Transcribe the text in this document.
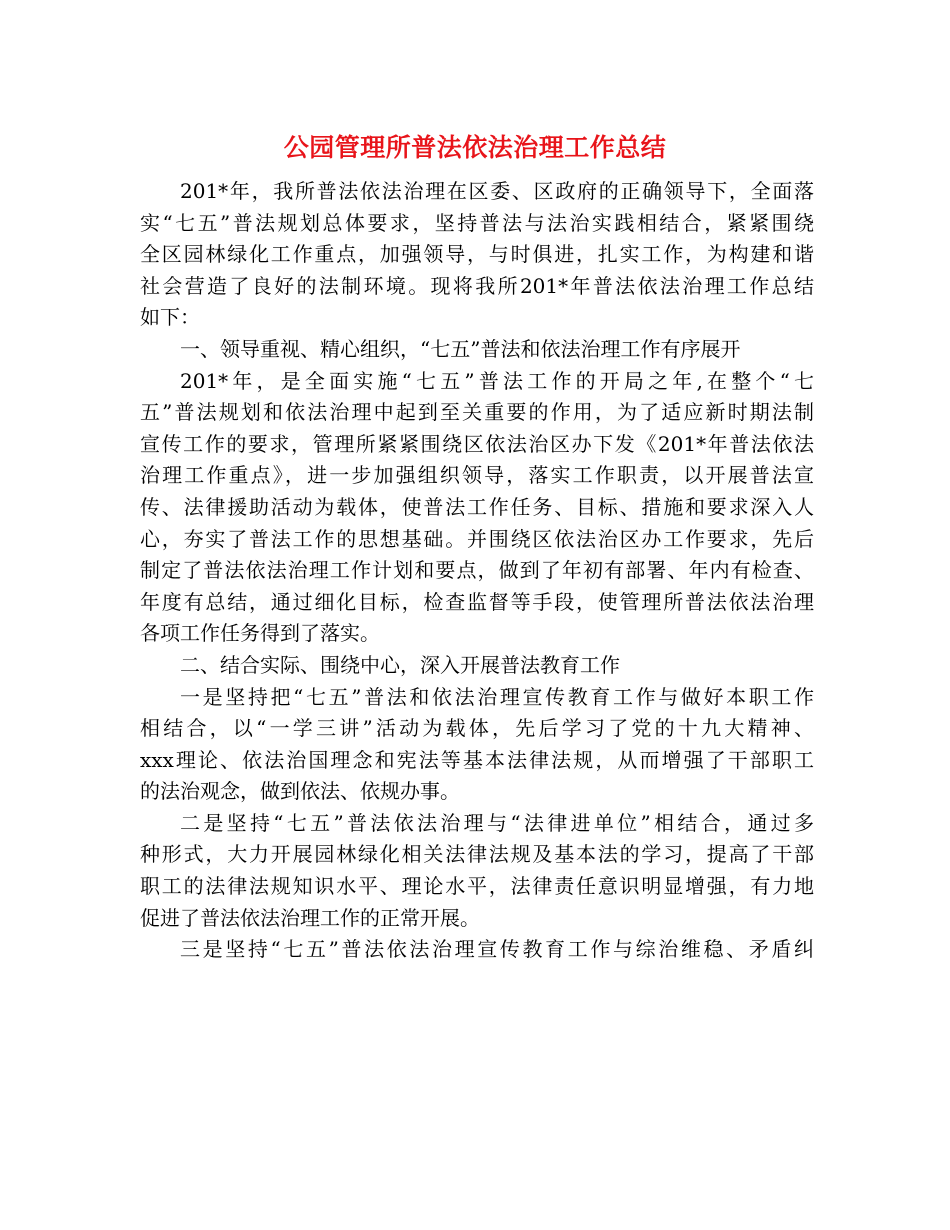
公园管理所普法依法治理工作总结
201*年，我所普法依法治理在区委、区政府的正确领导下，全面落
实“七五”普法规划总体要求，坚持普法与法治实践相结合，紧紧围绕
全区园林绿化工作重点，加强领导，与时俱进，扎实工作，为构建和谐
社会营造了良好的法制环境。现将我所201*年普法依法治理工作总结
如下：
一、领导重视、精心组织，“七五”普法和依法治理工作有序展开
201*年，是全面实施“七五”普法工作的开局之年,在整个“七
五”普法规划和依法治理中起到至关重要的作用，为了适应新时期法制
宣传工作的要求，管理所紧紧围绕区依法治区办下发《201*年普法依法
治理工作重点》，进一步加强组织领导，落实工作职责，以开展普法宣
传、法律援助活动为载体，使普法工作任务、目标、措施和要求深入人
心，夯实了普法工作的思想基础。并围绕区依法治区办工作要求，先后
制定了普法依法治理工作计划和要点，做到了年初有部署、年内有检查、
年度有总结，通过细化目标，检查监督等手段，使管理所普法依法治理
各项工作任务得到了落实。
二、结合实际、围绕中心，深入开展普法教育工作
一是坚持把“七五”普法和依法治理宣传教育工作与做好本职工作
相结合，以“一学三讲”活动为载体，先后学习了党的十九大精神、
xxx理论、依法治国理念和宪法等基本法律法规，从而增强了干部职工
的法治观念，做到依法、依规办事。
二是坚持“七五”普法依法治理与“法律进单位”相结合，通过多
种形式，大力开展园林绿化相关法律法规及基本法的学习，提高了干部
职工的法律法规知识水平、理论水平，法律责任意识明显增强，有力地
促进了普法依法治理工作的正常开展。
三是坚持“七五”普法依法治理宣传教育工作与综治维稳、矛盾纠
